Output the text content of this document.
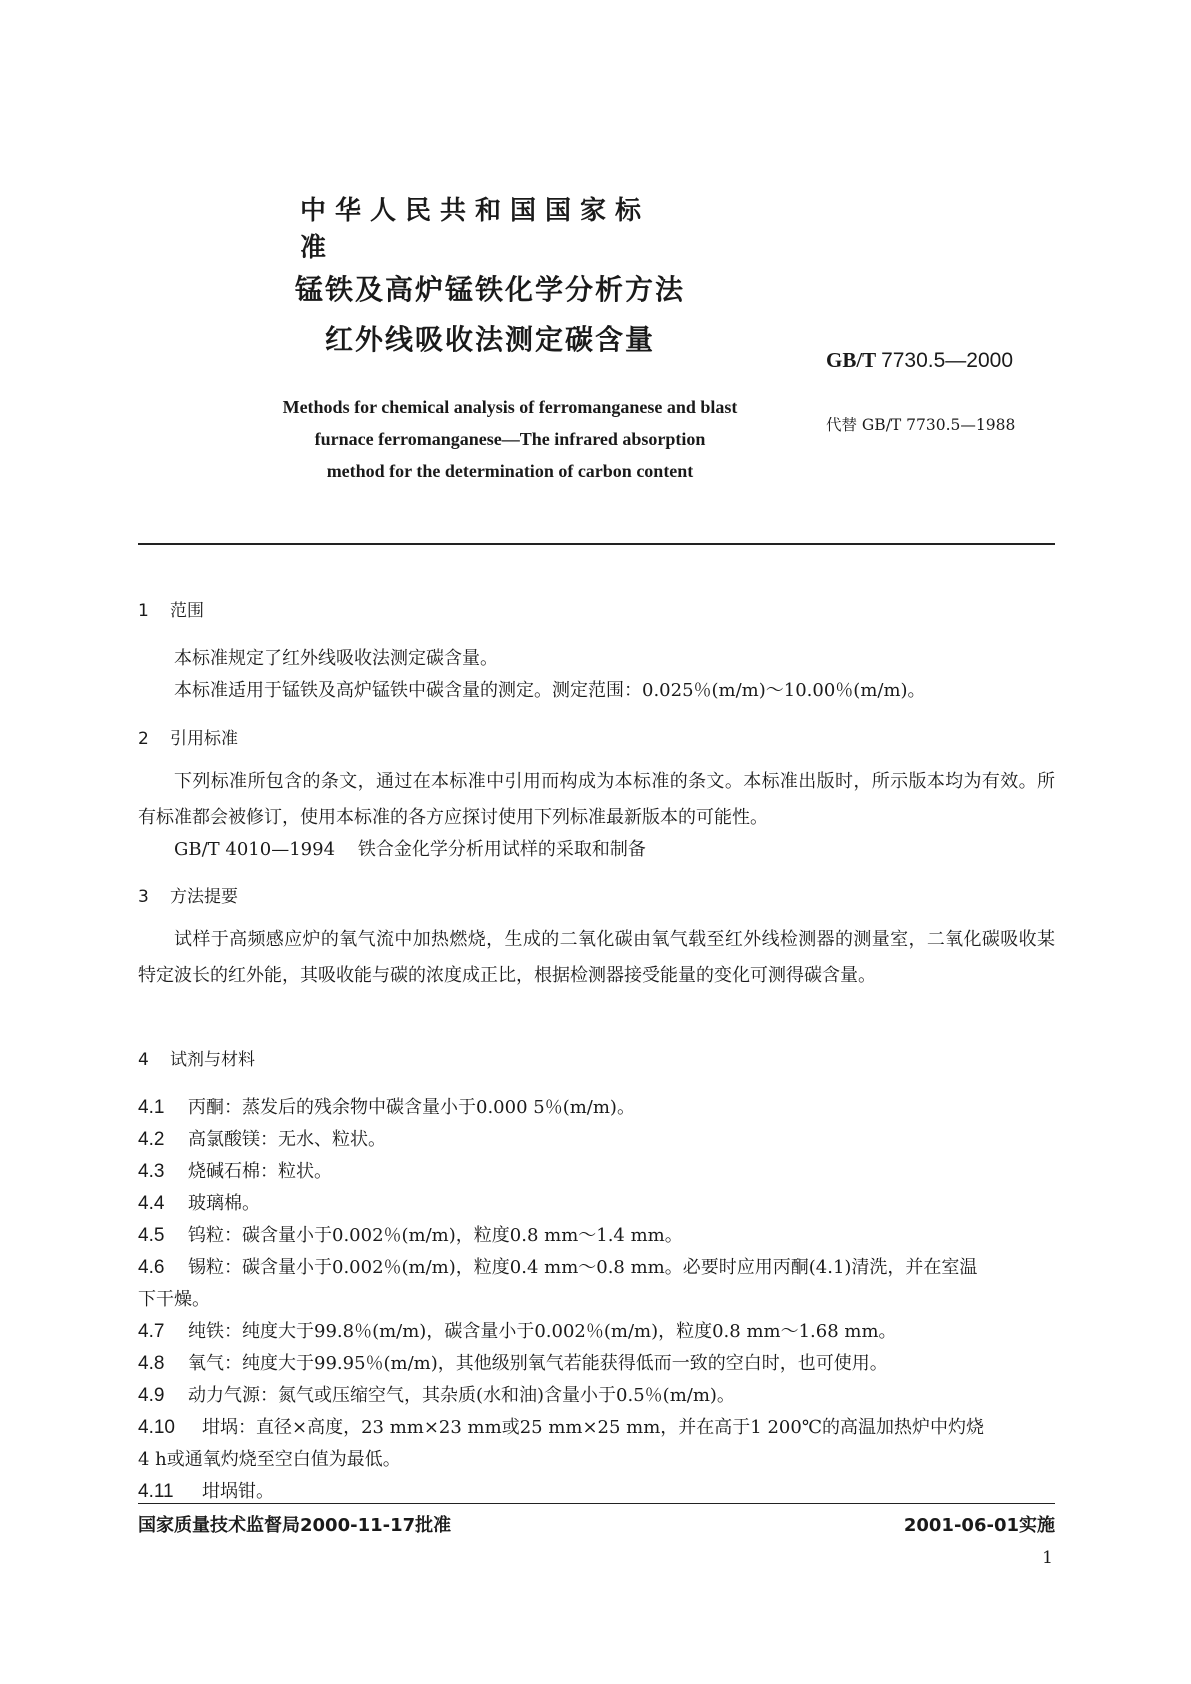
中华人民共和国国家标准
锰铁及高炉锰铁化学分析方法
红外线吸收法测定碳含量
GB/T 7730.5—2000
代替 GB/T 7730.5—1988
Methods for chemical analysis of ferromanganese and blast
furnace ferromanganese—The infrared absorption
method for the determination of carbon content
1 范围
本标准规定了红外线吸收法测定碳含量。
本标准适用于锰铁及高炉锰铁中碳含量的测定。测定范围：0.025％(m/m)～10.00％(m/m)。
2 引用标准
下列标准所包含的条文，通过在本标准中引用而构成为本标准的条文。本标准出版时，所示版本均为有效。所有标准都会被修订，使用本标准的各方应探讨使用下列标准最新版本的可能性。
GB/T 4010—1994 铁合金化学分析用试样的采取和制备
3 方法提要
试样于高频感应炉的氧气流中加热燃烧，生成的二氧化碳由氧气载至红外线检测器的测量室，二氧化碳吸收某特定波长的红外能，其吸收能与碳的浓度成正比，根据检测器接受能量的变化可测得碳含量。
4 试剂与材料
4.1 丙酮：蒸发后的残余物中碳含量小于0.000 5％(m/m)。
4.2 高氯酸镁：无水、粒状。
4.3 烧碱石棉：粒状。
4.4 玻璃棉。
4.5 钨粒：碳含量小于0.002％(m/m)，粒度0.8 mm～1.4 mm。
4.6 锡粒：碳含量小于0.002％(m/m)，粒度0.4 mm～0.8 mm。必要时应用丙酮(4.1)清洗，并在室温
下干燥。
4.7 纯铁：纯度大于99.8％(m/m)，碳含量小于0.002％(m/m)，粒度0.8 mm～1.68 mm。
4.8 氧气：纯度大于99.95％(m/m)，其他级别氧气若能获得低而一致的空白时，也可使用。
4.9 动力气源：氮气或压缩空气，其杂质(水和油)含量小于0.5％(m/m)。
4.10 坩埚：直径×高度，23 mm×23 mm或25 mm×25 mm，并在高于1 200℃的高温加热炉中灼烧
4 h或通氧灼烧至空白值为最低。
4.11 坩埚钳。
国家质量技术监督局2000-11-17批准	2001-06-01实施
1
